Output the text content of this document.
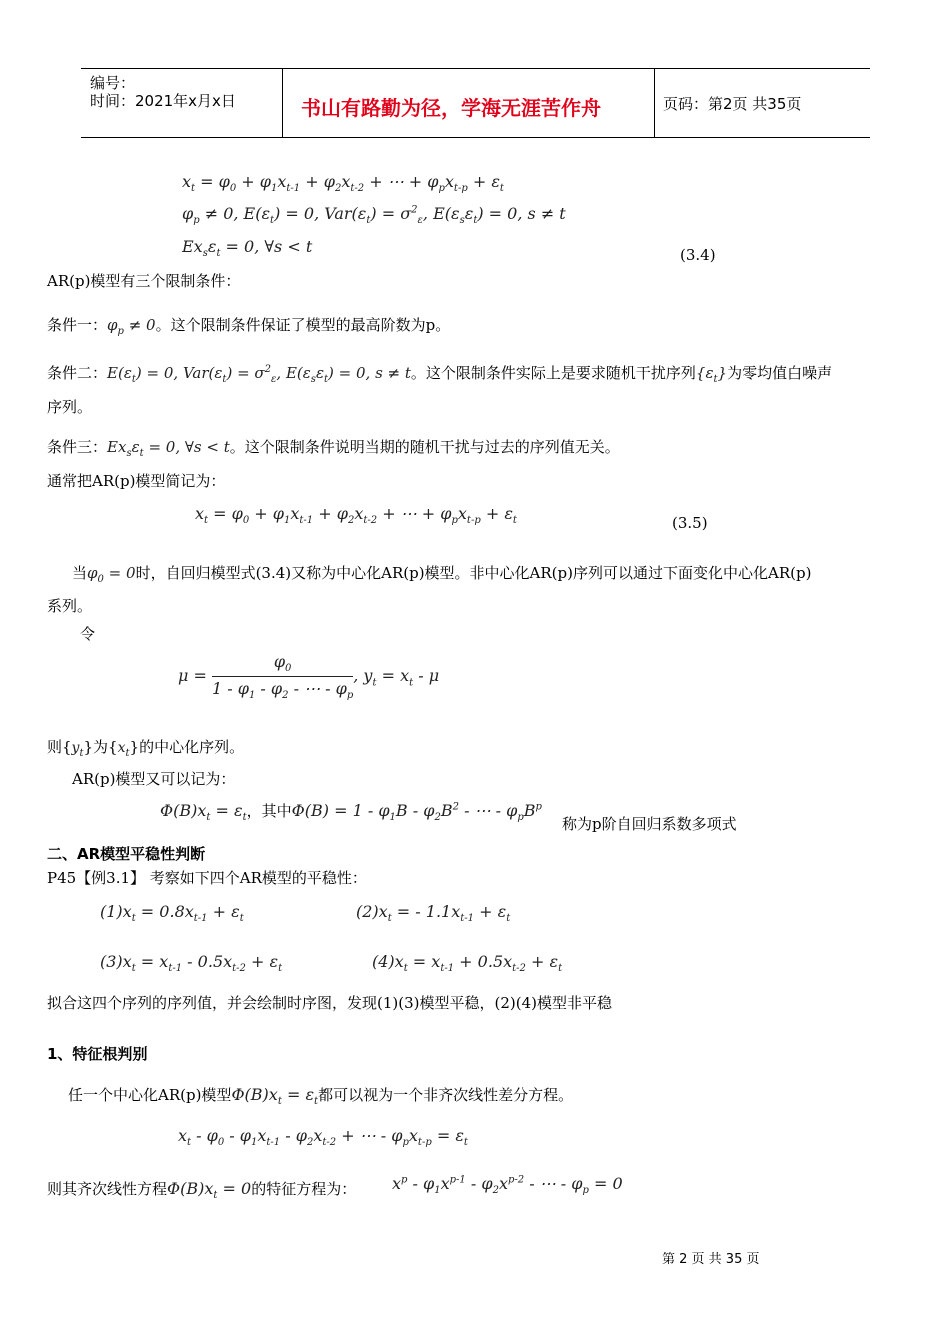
编号：
时间：2021年x月x日	书山有路勤为径，学海无涯苦作舟	页码：第2页 共35页
$x_t = \varphi_0 + \varphi_1x_{t-1} + \varphi_2x_{t-2}$ + ⋯ + $\varphi_px_{t-p} + \varepsilon_t$
$\varphi_p \ne 0$, $E(\varepsilon_t) = 0$, $Var(\varepsilon_t) = \sigma^2_\varepsilon$, $E(\varepsilon_s\varepsilon_t) = 0$, s ≠ t
$Ex_s\varepsilon_t = 0$, ∀s < t	(3.4)
AR(p)模型有三个限制条件：
条件一：$\varphi_p \ne 0$。这个限制条件保证了模型的最高阶数为p。
条件二：$E(\varepsilon_t) = 0$, $Var(\varepsilon_t) = \sigma^2_\varepsilon$, $E(\varepsilon_s\varepsilon_t) = 0$, s ≠ t。这个限制条件实际上是要求随机干扰序列$\{\varepsilon_t\}$为零均值白噪声
序列。
条件三：$Ex_s\varepsilon_t = 0$, ∀s < t。这个限制条件说明当期的随机干扰与过去的序列值无关。
通常把AR(p)模型简记为：
$x_t = \varphi_0 + \varphi_1x_{t-1} + \varphi_2x_{t-2}$ + ⋯ + $\varphi_px_{t-p} + \varepsilon_t$	(3.5)
当$\varphi_0 = 0$时，自回归模型式(3.4)又称为中心化AR(p)模型。非中心化AR(p)序列可以通过下面变化中心化AR(p)
系列。
令
$\mu = \frac{\varphi_0}{1 - \varphi_1 - \varphi_2 - \cdots - \varphi_p}$ , $y_t = x_t - \mu$
则$\{y_t\}$为$\{x_t\}$的中心化序列。
AR(p)模型又可以记为：
$\Phi(B)x_t = \varepsilon_t$，其中$\Phi(B) = 1 - \varphi_1B - \varphi_2B^2$ - ⋯ - $\varphi_pB^p$
称为p阶自回归系数多项式
二、AR模型平稳性判断
P45【例3.1】 考察如下四个AR模型的平稳性：
$(1)x_t = 0.8x_{t-1} + \varepsilon_t$	$(2)x_t$ = - $1.1x_{t-1} + \varepsilon_t$
$(3)x_t = x_{t-1} - 0.5x_{t-2} + \varepsilon_t$	$(4)x_t = x_{t-1} + 0.5x_{t-2} + \varepsilon_t$
拟合这四个序列的序列值，并会绘制时序图，发现(1)(3)模型平稳，(2)(4)模型非平稳
1、特征根判别
任一个中心化AR(p)模型$\Phi(B)x_t = \varepsilon_t$都可以视为一个非齐次线性差分方程。
$x_t - \varphi_0 - \varphi_1x_{t-1} - \varphi_2x_{t-2}$ + ⋯ - $\varphi_px_{t-p} = \varepsilon_t$
则其齐次线性方程$\Phi(B)x_t = 0$的特征方程为： $x^p - \varphi_1x^{p-1} - \varphi_2x^{p-2}$ - ⋯ - $\varphi_p = 0$
第 2 页 共 35 页
